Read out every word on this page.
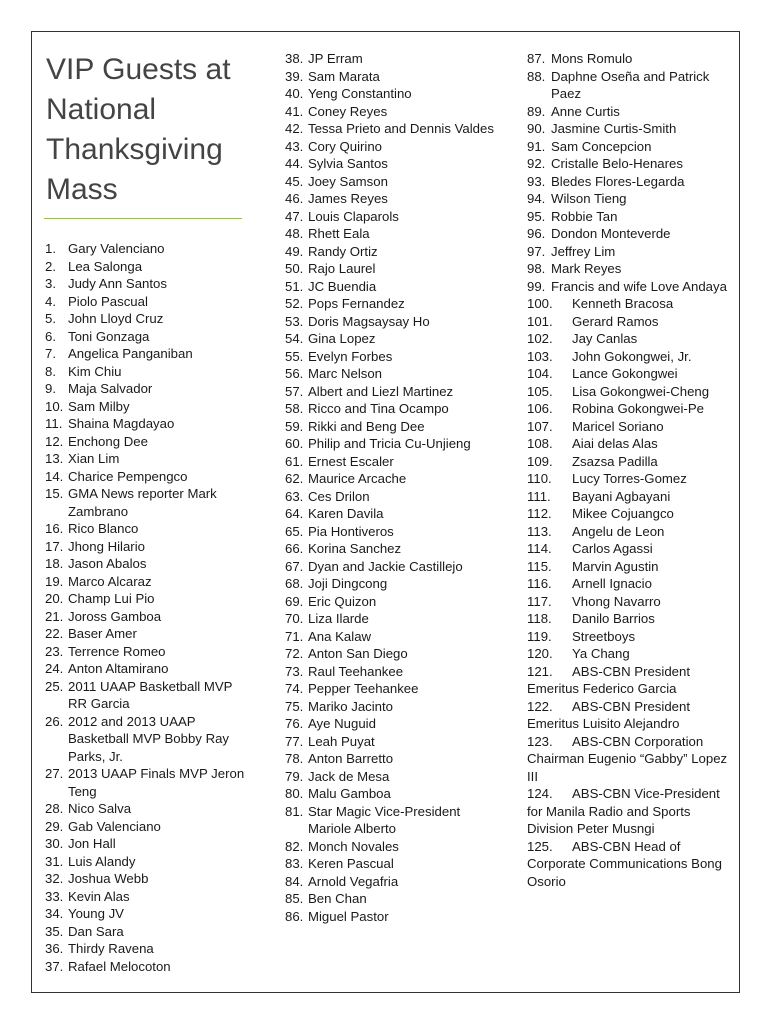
VIP Guests at National Thanksgiving Mass
1. Gary Valenciano
2. Lea Salonga
3. Judy Ann Santos
4. Piolo Pascual
5. John Lloyd Cruz
6. Toni Gonzaga
7. Angelica Panganiban
8. Kim Chiu
9. Maja Salvador
10. Sam Milby
11. Shaina Magdayao
12. Enchong Dee
13. Xian Lim
14. Charice Pempengco
15. GMA News reporter Mark Zambrano
16. Rico Blanco
17. Jhong Hilario
18. Jason Abalos
19. Marco Alcaraz
20. Champ Lui Pio
21. Joross Gamboa
22. Baser Amer
23. Terrence Romeo
24. Anton Altamirano
25. 2011 UAAP Basketball MVP RR Garcia
26. 2012 and 2013 UAAP Basketball MVP Bobby Ray Parks, Jr.
27. 2013 UAAP Finals MVP Jeron Teng
28. Nico Salva
29. Gab Valenciano
30. Jon Hall
31. Luis Alandy
32. Joshua Webb
33. Kevin Alas
34. Young JV
35. Dan Sara
36. Thirdy Ravena
37. Rafael Melocoton
38. JP Erram
39. Sam Marata
40. Yeng Constantino
41. Coney Reyes
42. Tessa Prieto and Dennis Valdes
43. Cory Quirino
44. Sylvia Santos
45. Joey Samson
46. James Reyes
47. Louis Claparols
48. Rhett Eala
49. Randy Ortiz
50. Rajo Laurel
51. JC Buendia
52. Pops Fernandez
53. Doris Magsaysay Ho
54. Gina Lopez
55. Evelyn Forbes
56. Marc Nelson
57. Albert and Liezl Martinez
58. Ricco and Tina Ocampo
59. Rikki and Beng Dee
60. Philip and Tricia Cu-Unjieng
61. Ernest Escaler
62. Maurice Arcache
63. Ces Drilon
64. Karen Davila
65. Pia Hontiveros
66. Korina Sanchez
67. Dyan and Jackie Castillejo
68. Joji Dingcong
69. Eric Quizon
70. Liza Ilarde
71. Ana Kalaw
72. Anton San Diego
73. Raul Teehankee
74. Pepper Teehankee
75. Mariko Jacinto
76. Aye Nuguid
77. Leah Puyat
78. Anton Barretto
79. Jack de Mesa
80. Malu Gamboa
81. Star Magic Vice-President Mariole Alberto
82. Monch Novales
83. Keren Pascual
84. Arnold Vegafria
85. Ben Chan
86. Miguel Pastor
87. Mons Romulo
88. Daphne Oseña and Patrick Paez
89. Anne Curtis
90. Jasmine Curtis-Smith
91. Sam Concepcion
92. Cristalle Belo-Henares
93. Bledes Flores-Legarda
94. Wilson Tieng
95. Robbie Tan
96. Dondon Monteverde
97. Jeffrey Lim
98. Mark Reyes
99. Francis and wife Love Andaya
100. Kenneth Bracosa
101. Gerard Ramos
102. Jay Canlas
103. John Gokongwei, Jr.
104. Lance Gokongwei
105. Lisa Gokongwei-Cheng
106. Robina Gokongwei-Pe
107. Maricel Soriano
108. Aiai delas Alas
109. Zsazsa Padilla
110. Lucy Torres-Gomez
111. Bayani Agbayani
112. Mikee Cojuangco
113. Angelu de Leon
114. Carlos Agassi
115. Marvin Agustin
116. Arnell Ignacio
117. Vhong Navarro
118. Danilo Barrios
119. Streetboys
120. Ya Chang
121. ABS-CBN President Emeritus Federico Garcia
122. ABS-CBN President Emeritus Luisito Alejandro
123. ABS-CBN Corporation Chairman Eugenio “Gabby” Lopez III
124. ABS-CBN Vice-President for Manila Radio and Sports Division Peter Musngi
125. ABS-CBN Head of Corporate Communications Bong Osorio
